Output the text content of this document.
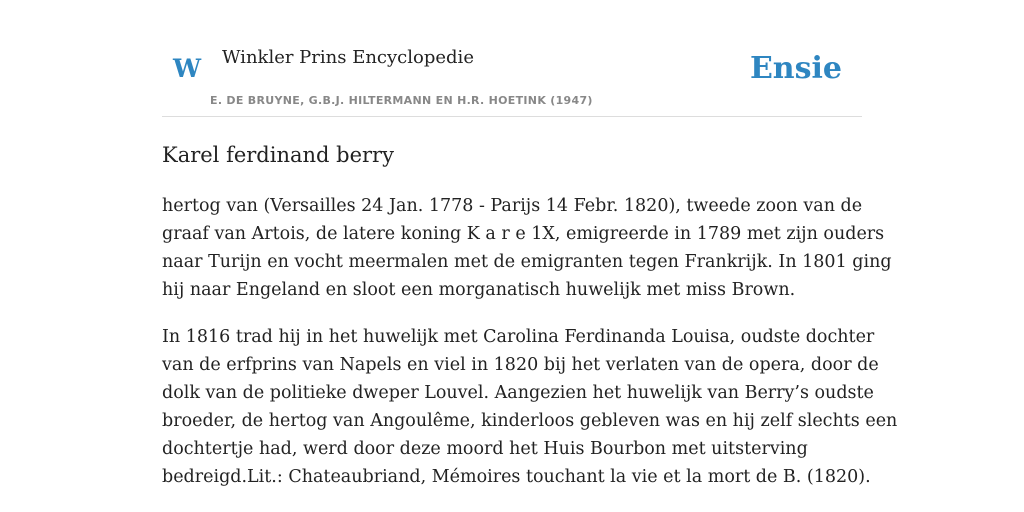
W Winkler Prins Encyclopedie
E. DE BRUYNE, G.B.J. HILTERMANN EN H.R. HOETINK (1947)
Ensie
Karel ferdinand berry

hertog van (Versailles 24 Jan. 1778 - Parijs 14 Febr. 1820), tweede zoon van de
graaf van Artois, de latere koning K a r e 1X, emigreerde in 1789 met zijn ouders
naar Turijn en vocht meermalen met de emigranten tegen Frankrijk. In 1801 ging
hij naar Engeland en sloot een morganatisch huwelijk met miss Brown.

In 1816 trad hij in het huwelijk met Carolina Ferdinanda Louisa, oudste dochter
van de erfprins van Napels en viel in 1820 bij het verlaten van de opera, door de
dolk van de politieke dweper Louvel. Aangezien het huwelijk van Berry’s oudste
broeder, de hertog van Angoulême, kinderloos gebleven was en hij zelf slechts een
dochtertje had, werd door deze moord het Huis Bourbon met uitsterving
bedreigd.Lit.: Chateaubriand, Mémoires touchant la vie et la mort de B. (1820).
